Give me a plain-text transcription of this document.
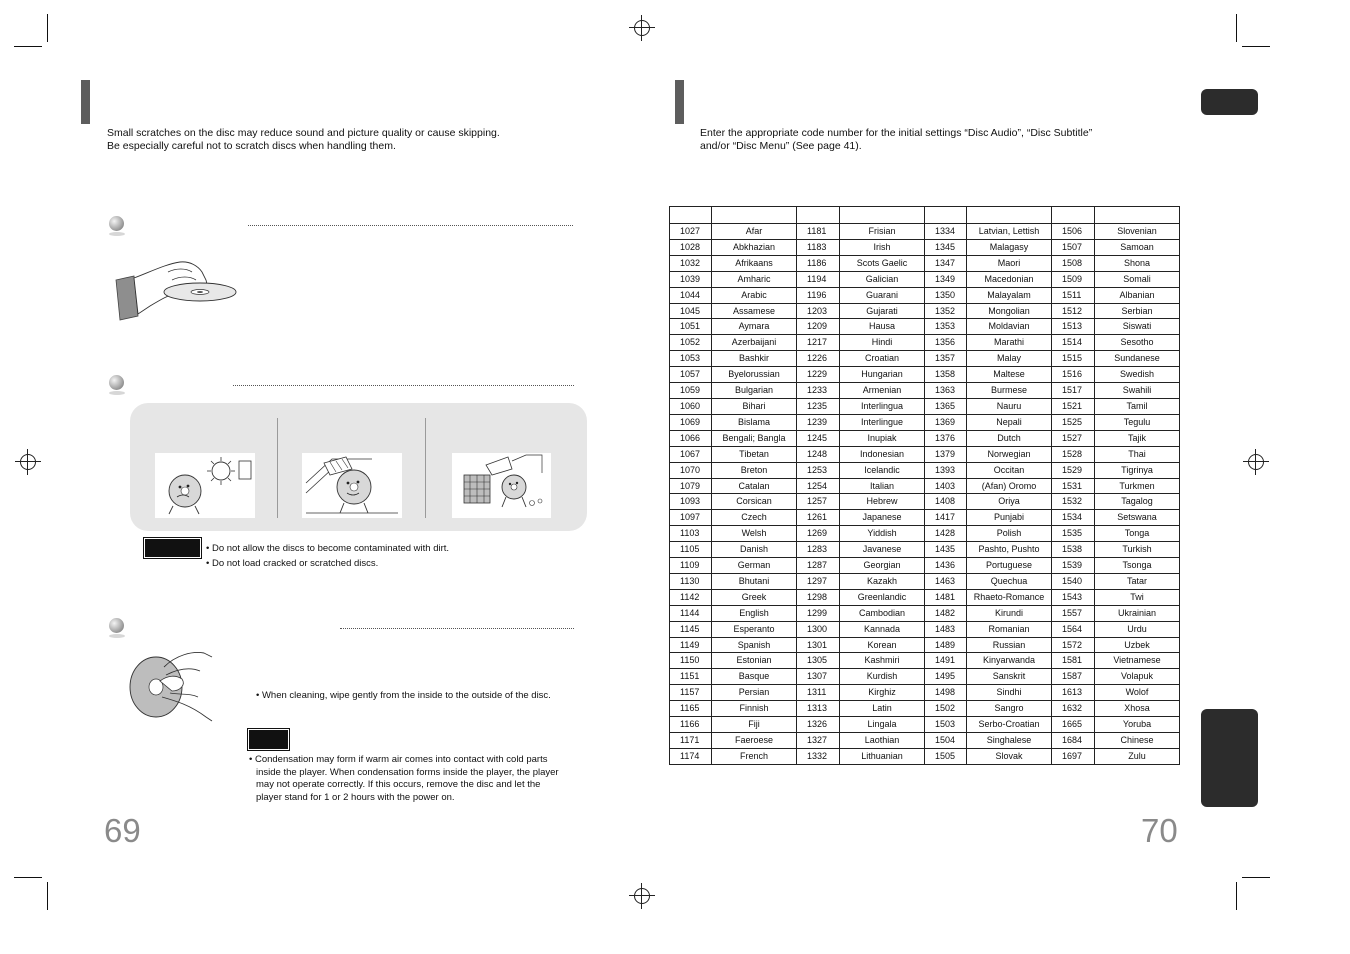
Small scratches on the disc may reduce sound and picture quality or cause skipping.
Be especially careful not to scratch discs when handling them.
• Do not allow the discs to become contaminated with dirt.
• Do not load cracked or scratched discs.
• When cleaning, wipe gently from the inside to the outside of the disc.
• Condensation may form if warm air comes into contact with cold parts
inside the player. When condensation forms inside the player, the player
may not operate correctly. If this occurs, remove the disc and let the
player stand for 1 or 2 hours with the power on.
69
Enter the appropriate code number for the initial settings “Disc Audio”, “Disc Subtitle”
and/or “Disc Menu” (See page 41).

1027	Afar	1181	Frisian	1334	Latvian, Lettish	1506	Slovenian
1028	Abkhazian	1183	Irish	1345	Malagasy	1507	Samoan
1032	Afrikaans	1186	Scots Gaelic	1347	Maori	1508	Shona
1039	Amharic	1194	Galician	1349	Macedonian	1509	Somali
1044	Arabic	1196	Guarani	1350	Malayalam	1511	Albanian
1045	Assamese	1203	Gujarati	1352	Mongolian	1512	Serbian
1051	Aymara	1209	Hausa	1353	Moldavian	1513	Siswati
1052	Azerbaijani	1217	Hindi	1356	Marathi	1514	Sesotho
1053	Bashkir	1226	Croatian	1357	Malay	1515	Sundanese
1057	Byelorussian	1229	Hungarian	1358	Maltese	1516	Swedish
1059	Bulgarian	1233	Armenian	1363	Burmese	1517	Swahili
1060	Bihari	1235	Interlingua	1365	Nauru	1521	Tamil
1069	Bislama	1239	Interlingue	1369	Nepali	1525	Tegulu
1066	Bengali; Bangla	1245	Inupiak	1376	Dutch	1527	Tajik
1067	Tibetan	1248	Indonesian	1379	Norwegian	1528	Thai
1070	Breton	1253	Icelandic	1393	Occitan	1529	Tigrinya
1079	Catalan	1254	Italian	1403	(Afan) Oromo	1531	Turkmen
1093	Corsican	1257	Hebrew	1408	Oriya	1532	Tagalog
1097	Czech	1261	Japanese	1417	Punjabi	1534	Setswana
1103	Welsh	1269	Yiddish	1428	Polish	1535	Tonga
1105	Danish	1283	Javanese	1435	Pashto, Pushto	1538	Turkish
1109	German	1287	Georgian	1436	Portuguese	1539	Tsonga
1130	Bhutani	1297	Kazakh	1463	Quechua	1540	Tatar
1142	Greek	1298	Greenlandic	1481	Rhaeto-Romance	1543	Twi
1144	English	1299	Cambodian	1482	Kirundi	1557	Ukrainian
1145	Esperanto	1300	Kannada	1483	Romanian	1564	Urdu
1149	Spanish	1301	Korean	1489	Russian	1572	Uzbek
1150	Estonian	1305	Kashmiri	1491	Kinyarwanda	1581	Vietnamese
1151	Basque	1307	Kurdish	1495	Sanskrit	1587	Volapuk
1157	Persian	1311	Kirghiz	1498	Sindhi	1613	Wolof
1165	Finnish	1313	Latin	1502	Sangro	1632	Xhosa
1166	Fiji	1326	Lingala	1503	Serbo-Croatian	1665	Yoruba
1171	Faeroese	1327	Laothian	1504	Singhalese	1684	Chinese
1174	French	1332	Lithuanian	1505	Slovak	1697	Zulu
70
